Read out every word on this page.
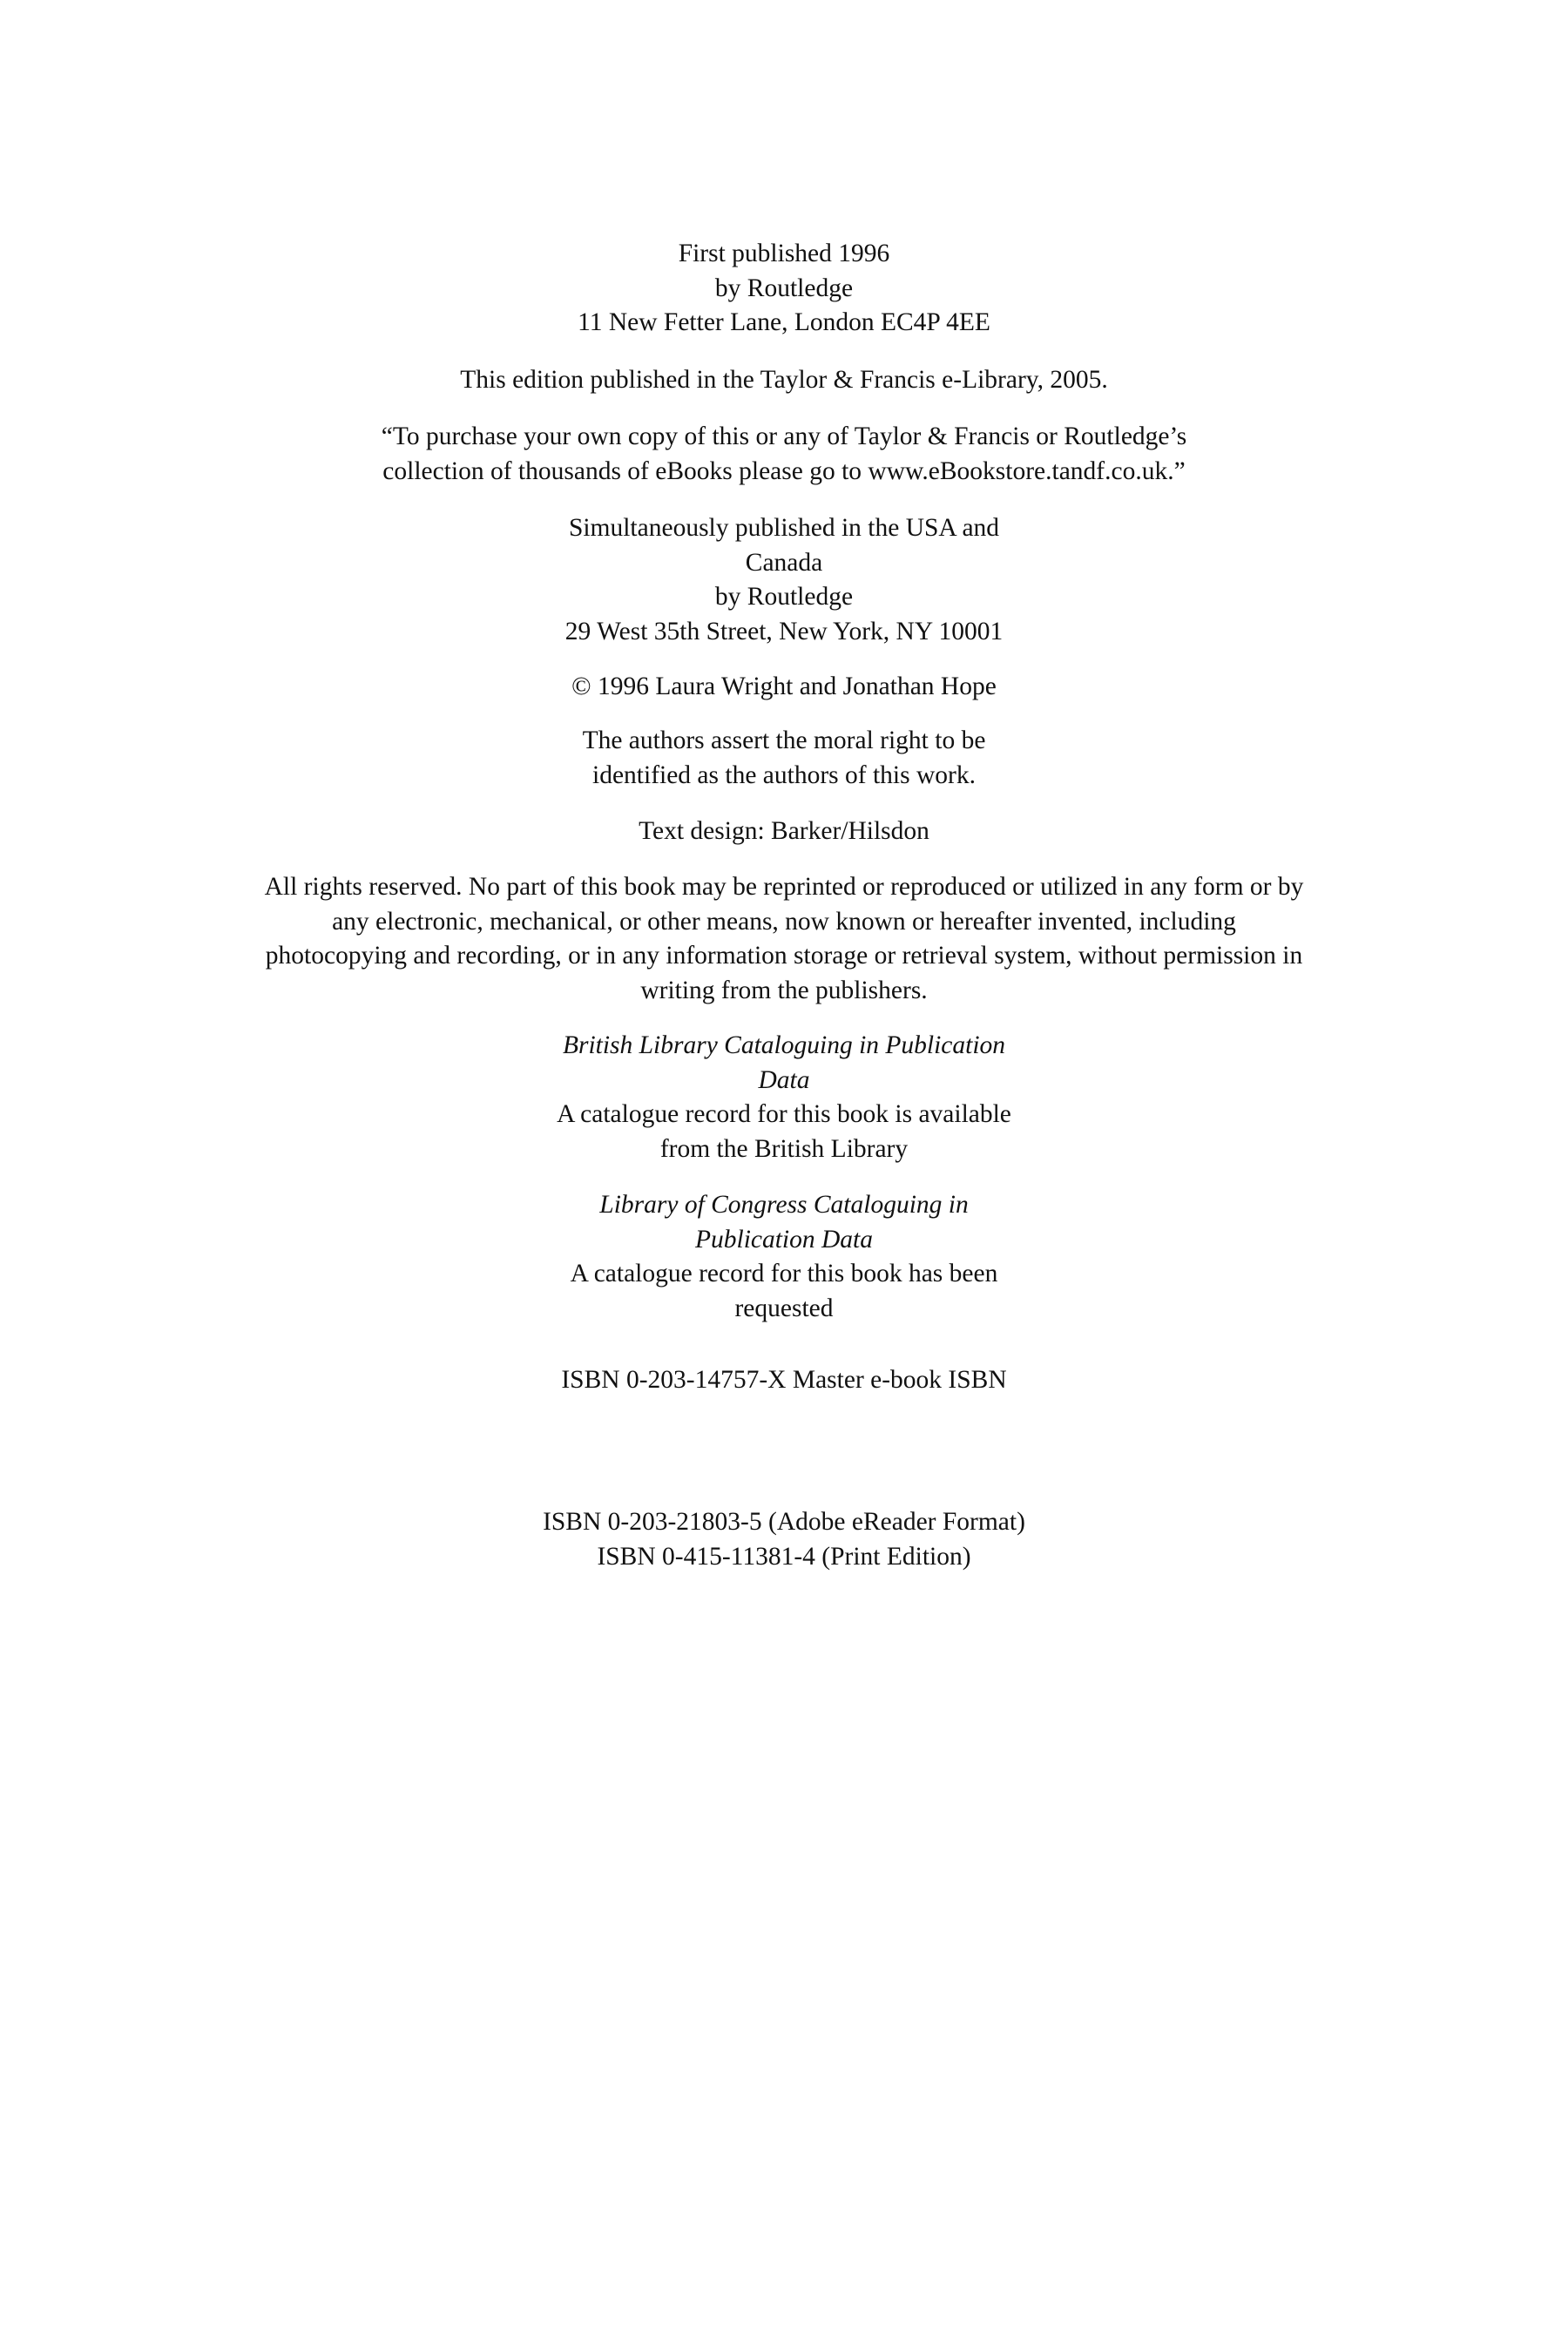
First published 1996
by Routledge
11 New Fetter Lane, London EC4P 4EE
This edition published in the Taylor & Francis e-Library, 2005.
“To purchase your own copy of this or any of Taylor & Francis or Routledge’s
collection of thousands of eBooks please go to www.eBookstore.tandf.co.uk.”
Simultaneously published in the USA and
Canada
by Routledge
29 West 35th Street, New York, NY 10001
© 1996 Laura Wright and Jonathan Hope
The authors assert the moral right to be
identified as the authors of this work.
Text design: Barker/Hilsdon
All rights reserved. No part of this book may be reprinted or reproduced or utilized in any form or by
any electronic, mechanical, or other means, now known or hereafter invented, including
photocopying and recording, or in any information storage or retrieval system, without permission in
writing from the publishers.
British Library Cataloguing in Publication
Data
A catalogue record for this book is available
from the British Library
Library of Congress Cataloguing in
Publication Data
A catalogue record for this book has been
requested
ISBN 0-203-14757-X Master e-book ISBN
ISBN 0-203-21803-5 (Adobe eReader Format)
ISBN 0-415-11381-4 (Print Edition)
